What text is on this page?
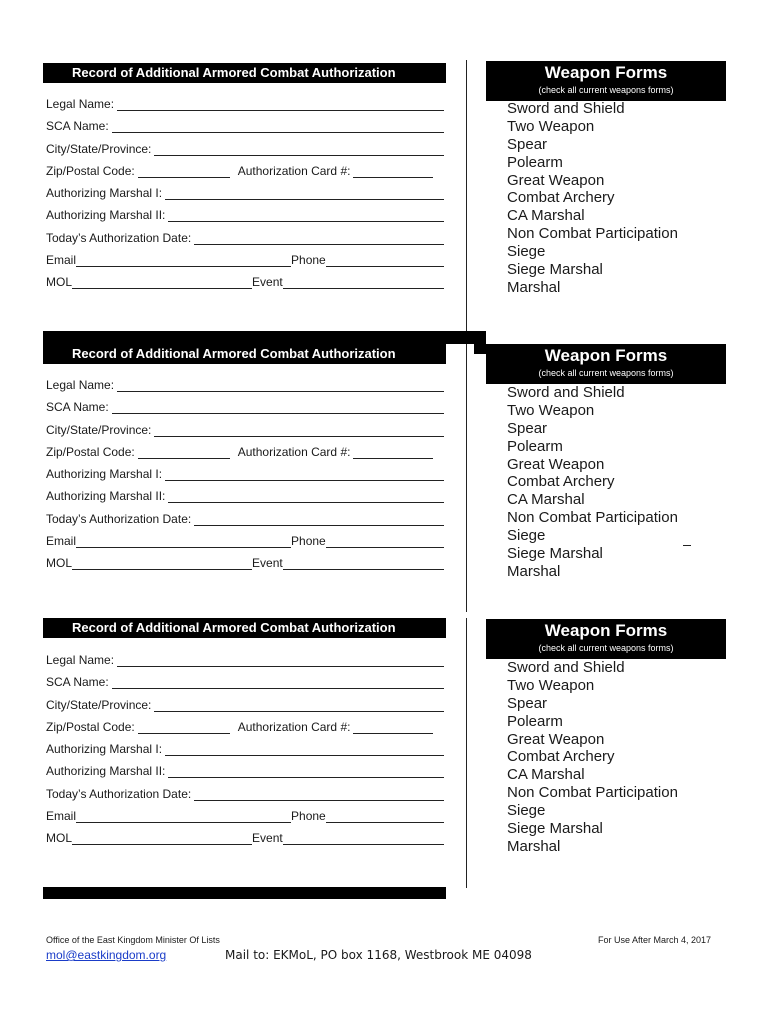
Record of Additional Armored Combat Authorization
Legal Name:
SCA Name:
City/State/Province:
Zip/Postal Code:	Authorization Card #:
Authorizing Marshal I:
Authorizing Marshal II:
Today’s Authorization Date:
Email	Phone
MOL	Event
Weapon Forms
(check all current weapons forms)
Sword and Shield
Two Weapon
Spear
Polearm
Great Weapon
Combat Archery
CA Marshal
Non Combat Participation
Siege
Siege Marshal
Marshal
Record of Additional Armored Combat Authorization
Legal Name:
SCA Name:
City/State/Province:
Zip/Postal Code:	Authorization Card #:
Authorizing Marshal I:
Authorizing Marshal II:
Today’s Authorization Date:
Email	Phone
MOL	Event
Weapon Forms
(check all current weapons forms)
Sword and Shield
Two Weapon
Spear
Polearm
Great Weapon
Combat Archery
CA Marshal
Non Combat Participation
Siege
Siege Marshal
Marshal
Record of Additional Armored Combat Authorization
Legal Name:
SCA Name:
City/State/Province:
Zip/Postal Code:	Authorization Card #:
Authorizing Marshal I:
Authorizing Marshal II:
Today’s Authorization Date:
Email	Phone
MOL	Event
Weapon Forms
(check all current weapons forms)
Sword and Shield
Two Weapon
Spear
Polearm
Great Weapon
Combat Archery
CA Marshal
Non Combat Participation
Siege
Siege Marshal
Marshal
Office of the East Kingdom Minister Of Lists
mol@eastkingdom.org	Mail to: EKMoL, PO box 1168, Westbrook ME 04098
For Use After March 4, 2017
